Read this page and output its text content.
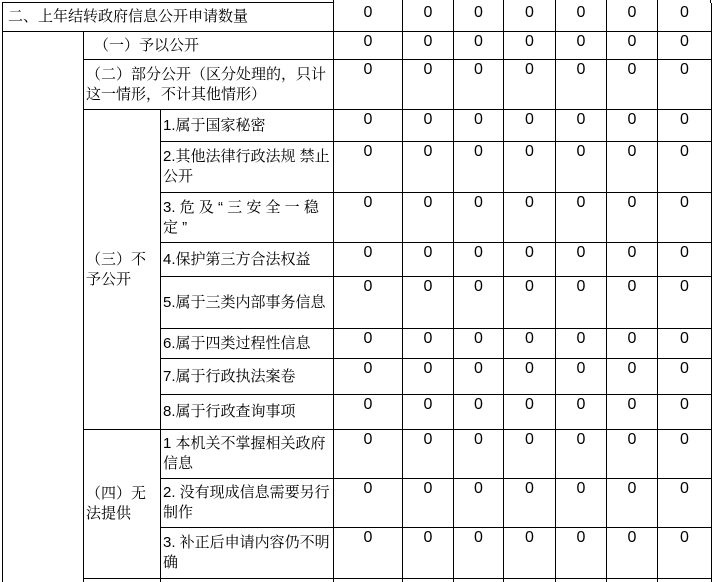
二、上年结转政府信息公开申请数量			0	0	0	0	0	0	0
	（一）予以公开		0	0	0	0	0	0	0
	（二）部分公开（区分处理的，只计这一情形，不计其他情形）		0	0	0	0	0	0	0
	（三）不予公开	1.属于国家秘密	0	0	0	0	0	0	0
		2.其他法律行政法规 禁止公开	0	0	0	0	0	0	0
		3. 危 及 “ 三 安 全 一 稳 定 ”	0	0	0	0	0	0	0
		4.保护第三方合法权益	0	0	0	0	0	0	0
		5.属于三类内部事务信息	0	0	0	0	0	0	0
		6.属于四类过程性信息	0	0	0	0	0	0	0
		7.属于行政执法案卷	0	0	0	0	0	0	0
		8.属于行政查询事项	0	0	0	0	0	0	0
	（四）无法提供	1 本机关不掌握相关政府信息	0	0	0	0	0	0	0
		2. 没有现成信息需要另行制作	0	0	0	0	0	0	0
		3. 补正后申请内容仍不明确	0	0	0	0	0	0	0
